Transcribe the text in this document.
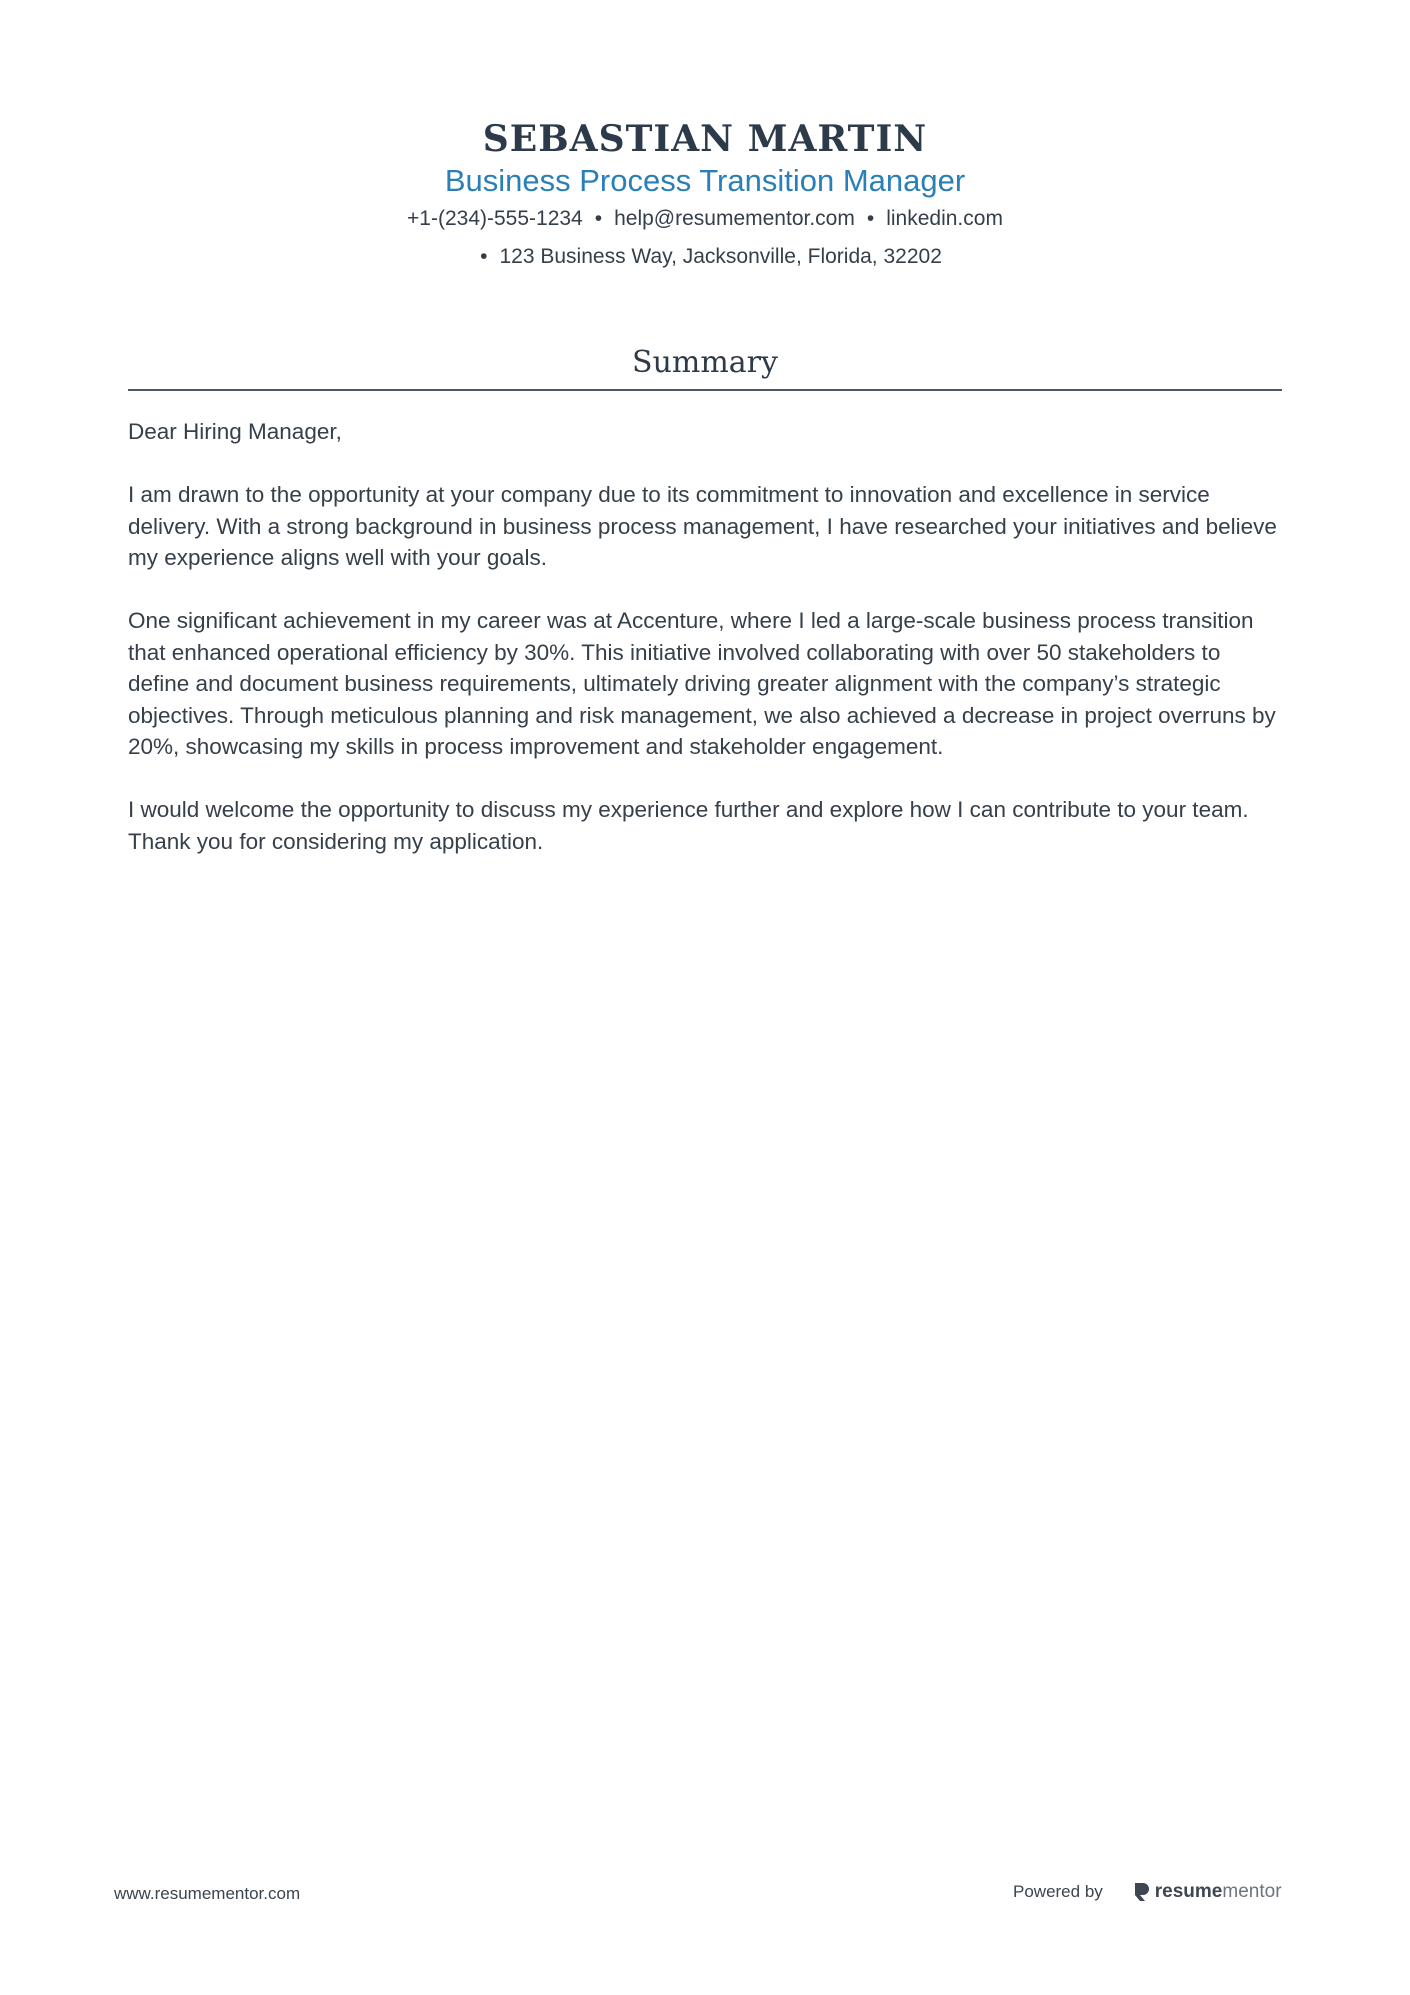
SEBASTIAN MARTIN
Business Process Transition Manager
+1-(234)-555-1234 • help@resumementor.com • linkedin.com
• 123 Business Way, Jacksonville, Florida, 32202
Summary

Dear Hiring Manager,

I am drawn to the opportunity at your company due to its commitment to innovation and excellence in service delivery. With a strong background in business process management, I have researched your initiatives and believe my experience aligns well with your goals.

One significant achievement in my career was at Accenture, where I led a large-scale business process transition that enhanced operational efficiency by 30%. This initiative involved collaborating with over 50 stakeholders to define and document business requirements, ultimately driving greater alignment with the company’s strategic objectives. Through meticulous planning and risk management, we also achieved a decrease in project overruns by 20%, showcasing my skills in process improvement and stakeholder engagement.

I would welcome the opportunity to discuss my experience further and explore how I can contribute to your team. Thank you for considering my application.

www.resumementor.com	Powered by	resume mentor
